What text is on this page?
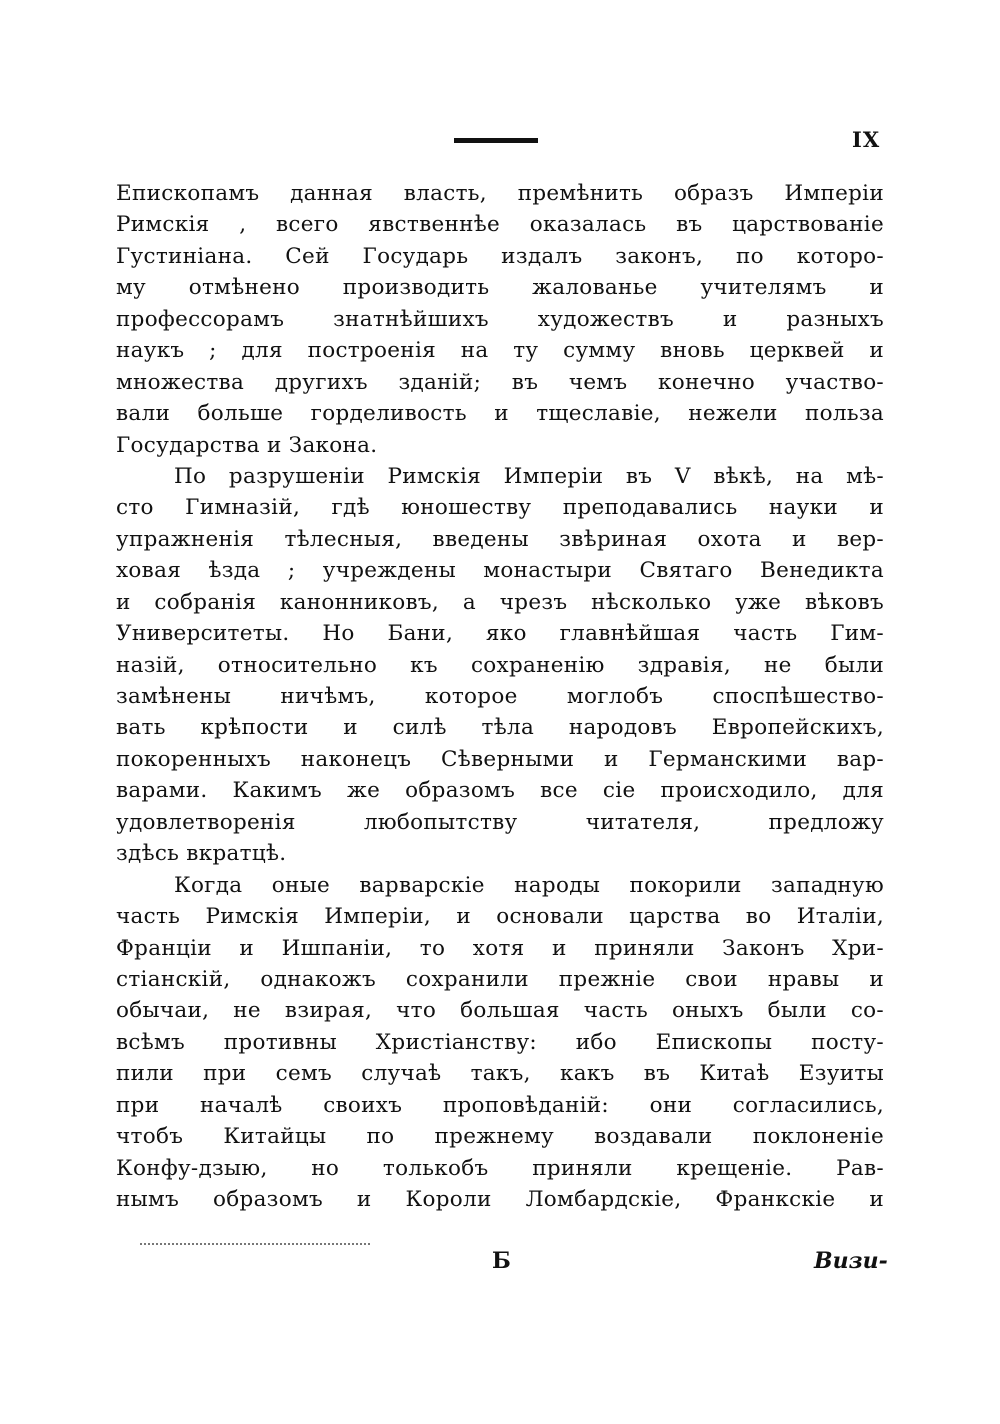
IX
Епископамъ данная власть, премѣнить образъ Имперіи
Римскія , всего явственнѣе оказалась въ царствованіе
Густиніана. Сей Государь издалъ законъ, по которо-
му отмѣнено производить жалованье учителямъ и
профессорамъ знатнѣйшихъ художествъ и разныхъ
наукъ ; для построенія на ту сумму вновь церквей и
множества другихъ зданій; въ чемъ конечно участво-
вали больше горделивость и тщеславіе, нежели польза
Государства и Закона.
По разрушеніи Римскія Имперіи въ V вѣкѣ, на мѣ-
сто Гимназій, гдѣ юношеству преподавались науки и
упражненія тѣлесныя, введены звѣриная охота и вер-
ховая ѣзда ; учреждены монастыри Святаго Венедикта
и собранія канонниковъ, а чрезъ нѣсколько уже вѣковъ
Университеты. Но Бани, яко главнѣйшая часть Гим-
назій, относительно къ сохраненію здравія, не были
замѣнены ничѣмъ, которое моглобъ споспѣшество-
вать крѣпости и силѣ тѣла народовъ Европейскихъ,
покоренныхъ наконецъ Сѣверными и Германскими вар-
варами. Какимъ же образомъ все сіе происходило, для
удовлетворенія любопытству читателя, предложу
здѣсь вкратцѣ.
Когда оные варварскіе народы покорили западную
часть Римскія Имперіи, и основали царства во Италіи,
Франціи и Ишпаніи, то хотя и приняли Законъ Хри-
стіанскій, однакожъ сохранили прежніе свои нравы и
обычаи, не взирая, что большая часть оныхъ были со-
всѣмъ противны Христіанству: ибо Епископы посту-
пили при семъ случаѣ такъ, какъ въ Китаѣ Езуиты
при началѣ своихъ проповѣданій: они согласились,
чтобъ Китайцы по прежнему воздавали поклоненіе
Конфу-дзыю, но толькобъ приняли крещеніе. Рав-
нымъ образомъ и Короли Ломбардскіе, Франкскіе и
Б	Визи-
